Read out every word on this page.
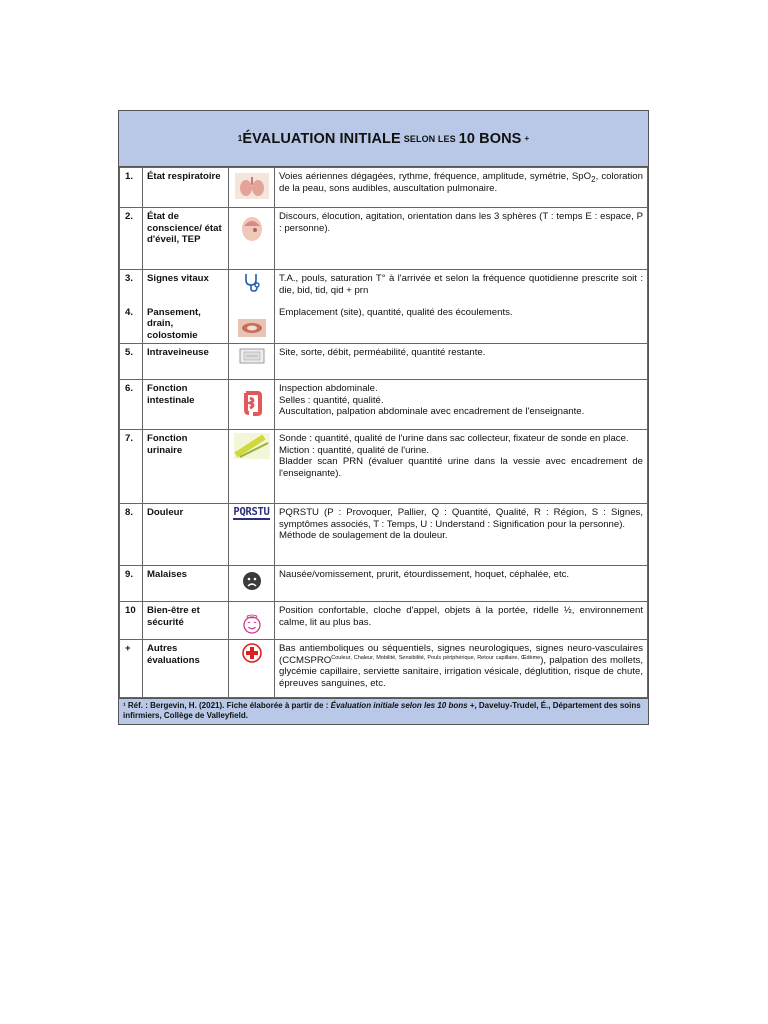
1 ÉVALUATION INITIALE SELON LES 10 BONS +
1.	État respiratoire		Voies aériennes dégagées, rythme, fréquence, amplitude, symétrie, SpO$_2$, coloration de la peau, sons audibles, auscultation pulmonaire.
2.	État de conscience/ état d'éveil, TEP		Discours, élocution, agitation, orientation dans les 3 sphères (T : temps E : espace, P : personne).
3.	Signes vitaux		T.A., pouls, saturation T° à l'arrivée et selon la fréquence quotidienne prescrite soit : die, bid, tid, qid + prn
4.	Pansement, drain, colostomie		Emplacement (site), quantité, qualité des écoulements.
5.	Intraveineuse		Site, sorte, débit, perméabilité, quantité restante.
6.	Fonction intestinale		Inspection abdominale.
Selles : quantité, qualité.
Auscultation, palpation abdominale avec encadrement de l'enseignante.

7.	Fonction urinaire		Sonde : quantité, qualité de l'urine dans sac collecteur, fixateur de sonde en place.
Miction : quantité, qualité de l'urine.
Bladder scan PRN (évaluer quantité urine dans la vessie avec encadrement de l'enseignante).

8.	Douleur	PQRSTU	PQRSTU (P : Provoquer, Pallier, Q : Quantité, Qualité, R : Région, S : Signes, symptômes associés, T : Temps, U : Understand : Signification pour la personne).
Méthode de soulagement de la douleur.

9.	Malaises		Nausée/vomissement, prurit, étourdissement, hoquet, céphalée, etc.
10	Bien-être et sécurité		Position confortable, cloche d'appel, objets à la portée, ridelle ½, environnement calme, lit au plus bas.
+	Autres évaluations		Bas antiemboliques ou séquentiels, signes neurologiques, signes neuro-vasculaires $(CCMSPRO^{Couleur, Chaleur, Mobilité, Sensibilité, Pouls périphérique, Retour capillaire, Œdème})$, palpation des mollets, glycémie capillaire, serviette sanitaire, irrigation vésicale, déglutition, risque de chute, épreuves sanguines, etc.
¹ Réf. : Bergevin, H. (2021). Fiche élaborée à partir de : Évaluation initiale selon les 10 bons +, Daveluy-Trudel, É., Département des soins infirmiers, Collège de Valleyfield.
